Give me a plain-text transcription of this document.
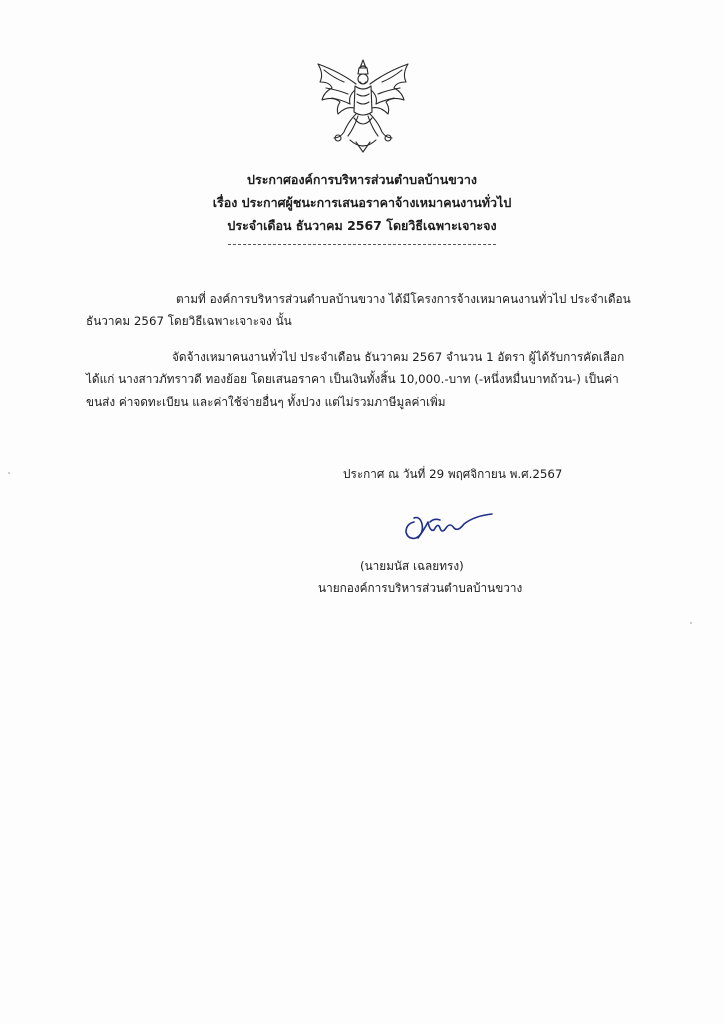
ประกาศองค์การบริหารส่วนตำบลบ้านขวาง
เรื่อง ประกาศผู้ชนะการเสนอราคาจ้างเหมาคนงานทั่วไป
ประจำเดือน ธันวาคม 2567 โดยวิธีเฉพาะเจาะจง
ตามที่ องค์การบริหารส่วนตำบลบ้านขวาง ได้มีโครงการจ้างเหมาคนงานทั่วไป ประจำเดือน
ธันวาคม 2567 โดยวิธีเฉพาะเจาะจง นั้น
จัดจ้างเหมาคนงานทั่วไป ประจำเดือน ธันวาคม 2567 จำนวน 1 อัตรา ผู้ได้รับการคัดเลือก
ได้แก่ นางสาวภัทราวดี ทองย้อย โดยเสนอราคา เป็นเงินทั้งสิ้น 10,000.-บาท (-หนึ่งหมื่นบาทถ้วน-) เป็นค่า
ขนส่ง ค่าจดทะเบียน และค่าใช้จ่ายอื่นๆ ทั้งปวง แต่ไม่รวมภาษีมูลค่าเพิ่ม
ประกาศ ณ วันที่ 29 พฤศจิกายน พ.ศ.2567
(นายมนัส เฉลยทรง)
นายกองค์การบริหารส่วนตำบลบ้านขวาง
